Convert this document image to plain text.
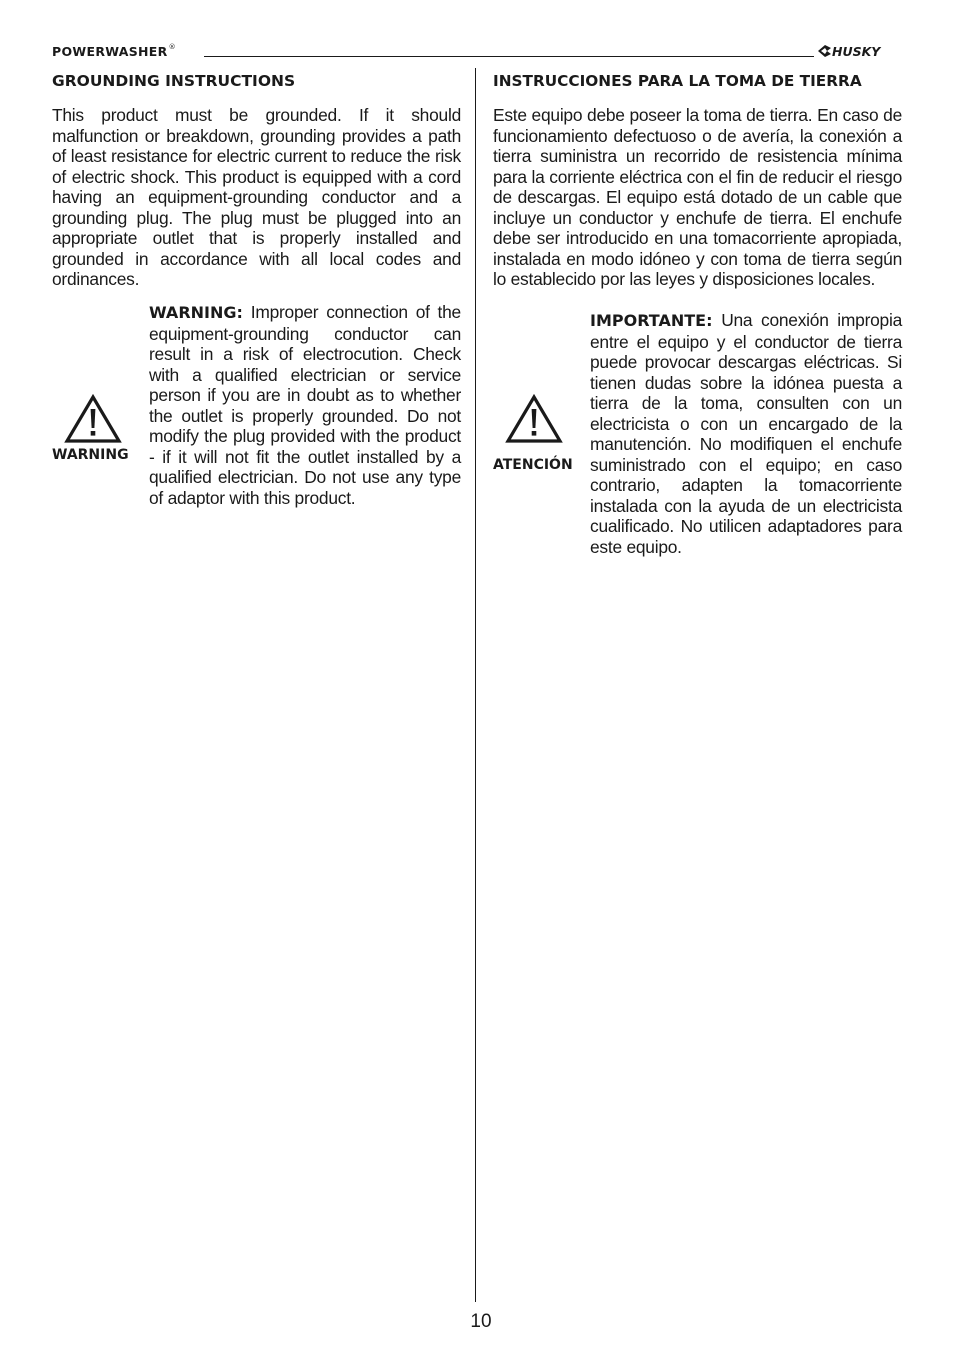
POWERWASHER®	HUSKY
GROUNDING INSTRUCTIONS

This product must be grounded. If it should malfunction or breakdown, grounding provides a path of least resistance for electric current to reduce the risk of electric shock. This product is equipped with a cord having an equipment-grounding conductor and a grounding plug. The plug must be plugged into an appropriate outlet that is properly installed and grounded in accordance with all local codes and ordinances.

WARNING: Improper connection of the equipment-grounding conductor can result in a risk of electrocution. Check with a qualified electrician or service person if you are in doubt as to whether the outlet is properly grounded. Do not modify the plug provided with the product - if it will not fit the outlet installed by a qualified electrician. Do not use any type of adaptor with this product.

WARNING
INSTRUCCIONES PARA LA TOMA DE TIERRA

Este equipo debe poseer la toma de tierra. En caso de funcionamiento defectuoso o de avería, la conexión a tierra suministra un recorrido de resistencia mínima para la corriente eléctrica con el fin de reducir el riesgo de descargas. El equipo está dotado de un cable que incluye un conductor y enchufe de tierra. El enchufe debe ser introducido en una tomacorriente apropiada, instalada en modo idóneo y con toma de tierra según lo establecido por las leyes y disposiciones locales.

IMPORTANTE: Una conexión impropia entre el equipo y el conductor de tierra puede provocar descargas eléctricas. Si tienen dudas sobre la idónea puesta a tierra de la toma, consulten con un electricista o con un encargado de la manutención. No modifiquen el enchufe suministrado con el equipo; en caso contrario, adapten la tomacorriente instalada con la ayuda de un electricista cualificado. No utilicen adaptadores para este equipo.

ATENCIÓN
10
